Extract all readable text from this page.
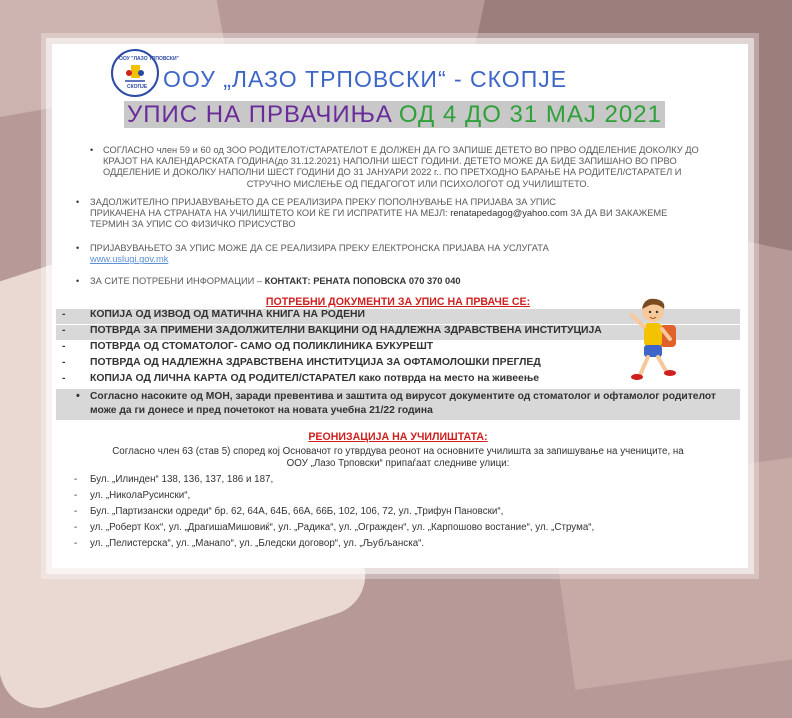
ООУ "ЛАЗО ТРПОВСКИ"
СКОПЈЕ ООУ „ЛАЗО ТРПОВСКИ“ - СКОПЈЕ
УПИС НА ПРВАЧИЊА ОД 4 ДО 31 МАЈ 2021
• СОГЛАСНО член 59 и 60 од ЗОО РОДИТЕЛОТ/СТАРАТЕЛОТ Е ДОЛЖЕН ДА ГО ЗАПИШЕ ДЕТЕТО ВО ПРВО ОДДЕЛЕНИЕ ДОКОЛКУ ДО
КРАЈОТ НА КАЛЕНДАРСКАТА ГОДИНА(до 31.12.2021) НАПОЛНИ ШЕСТ ГОДИНИ. ДЕТЕТО МОЖЕ ДА БИДЕ ЗАПИШАНО ВО ПРВО
ОДДЕЛЕНИЕ И ДОКОЛКУ НАПОЛНИ ШЕСТ ГОДИНИ ДО 31 ЈАНУАРИ 2022 г.. ПО ПРЕТХОДНО БАРАЊЕ НА РОДИТЕЛ/СТАРАТЕЛ И
СТРУЧНО МИСЛЕЊЕ ОД ПЕДАГОГОТ ИЛИ ПСИХОЛОГОТ ОД УЧИЛИШТЕТО.
• ЗАДОЛЖИТЕЛНО ПРИЈАВУВАЊЕТО ДА СЕ РЕАЛИЗИРА ПРЕКУ ПОПОЛНУВАЊЕ НА ПРИЈАВА ЗА УПИС
ПРИКАЧЕНА НА СТРАНАТА НА УЧИЛИШТЕТО КОИ ЌЕ ГИ ИСПРАТИТЕ НА МЕЈЛ: renatapedagog@yahoo.com ЗА ДА ВИ ЗАКАЖЕМЕ
ТЕРМИН ЗА УПИС СО ФИЗИЧКО ПРИСУСТВО
• ПРИЈАВУВАЊЕТО ЗА УПИС МОЖЕ ДА СЕ РЕАЛИЗИРА ПРЕКУ ЕЛЕКТРОНСКА ПРИЈАВА НА УСЛУГАТА
www.uslugi.gov.mk
• ЗА СИТЕ ПОТРЕБНИ ИНФОРМАЦИИ – КОНТАКТ: РЕНАТА ПОПОВСКА 070 370 040
ПОТРЕБНИ ДОКУМЕНТИ ЗА УПИС НА ПРВАЧЕ СЕ:
- КОПИЈА ОД ИЗВОД ОД МАТИЧНА КНИГА НА РОДЕНИ
- ПОТВРДА ЗА ПРИМЕНИ ЗАДОЛЖИТЕЛНИ ВАКЦИНИ ОД НАДЛЕЖНА ЗДРАВСТВЕНА ИНСТИТУЦИЈА
- ПОТВРДА ОД СТОМАТОЛОГ- САМО ОД ПОЛИКЛИНИКА БУКУРЕШТ
- ПОТВРДА ОД НАДЛЕЖНА ЗДРАВСТВЕНА ИНСТИТУЦИЈА ЗА ОФТАМОЛОШКИ ПРЕГЛЕД
- КОПИЈА ОД ЛИЧНА КАРТА ОД РОДИТЕЛ/СТАРАТЕЛ како потврда на место на живеење
• Согласно насоките од МОН, заради превентива и заштита од вирусот документите од стоматолог и офтамолог родителот
може да ги донесе и пред почетокот на новата учебна 21/22 година
РЕОНИЗАЦИЈА НА УЧИЛИШТАТА:
Согласно член 63 (став 5) според кој Основачот го утврдува реонот на основните училишта за запишување на учениците, на
ООУ „Лазо Трповски“ припаѓаат следниве улици:
- Бул. „Илинден“ 138, 136, 137, 186 и 187,
- ул. „НиколаРусински“,
- Бул. „Партизански одреди“ бр. 62, 64А, 64Б, 66А, 66Б, 102, 106, 72, ул. „Трифун Пановски“,
- ул. „Роберт Кох“, ул. „ДрагишаМишовиќ“, ул. „Радика“, ул. „Огражден“, ул. „Карпошово востание“, ул. „Струма“,
- ул. „Пелистерска“, ул. „Манапо“, ул. „Бледски договор“, ул. „Љубљанска“.
